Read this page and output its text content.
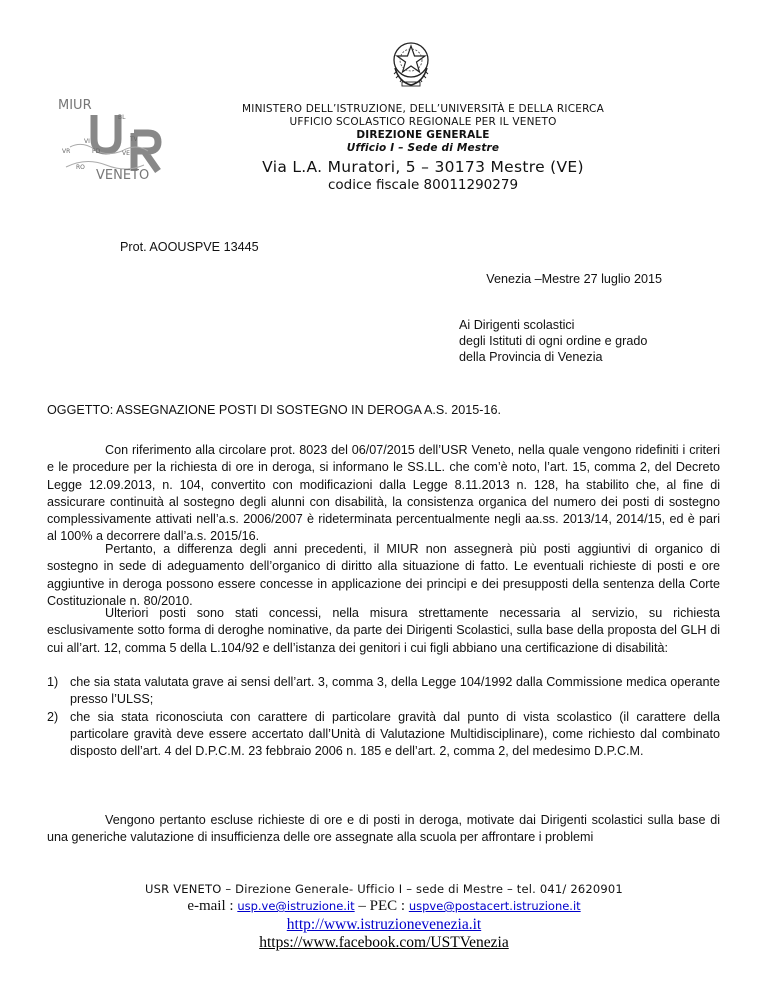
MIUR
BL
TV
VI
VR	PD	VE
RO
VENETO
MINISTERO DELL’ISTRUZIONE, DELL’UNIVERSITÀ E DELLA RICERCA
UFFICIO SCOLASTICO REGIONALE PER IL VENETO
DIREZIONE GENERALE
Ufficio I – Sede di Mestre
Via L.A. Muratori, 5 – 30173 Mestre (VE)
codice fiscale 80011290279
Prot. AOOUSPVE 13445
Venezia –Mestre 27 luglio 2015
Ai Dirigenti scolastici
degli Istituti di ogni ordine e grado
della Provincia di Venezia
OGGETTO: ASSEGNAZIONE POSTI DI SOSTEGNO IN DEROGA A.S. 2015-16.

Con riferimento alla circolare prot. 8023 del 06/07/2015 dell’USR Veneto, nella quale vengono ridefiniti i criteri e le procedure per la richiesta di ore in deroga, si informano le SS.LL. che com’è noto, l’art. 15, comma 2, del Decreto Legge 12.09.2013, n. 104, convertito con modificazioni dalla Legge 8.11.2013 n. 128, ha stabilito che, al fine di assicurare continuità al sostegno degli alunni con disabilità, la consistenza organica del numero dei posti di sostegno complessivamente attivati nell’a.s. 2006/2007 è rideterminata percentualmente negli aa.ss. 2013/14, 2014/15, ed è pari al 100% a decorrere dall’a.s. 2015/16.

Pertanto, a differenza degli anni precedenti, il MIUR non assegnerà più posti aggiuntivi di organico di sostegno in sede di adeguamento dell’organico di diritto alla situazione di fatto. Le eventuali richieste di posti e ore aggiuntive in deroga possono essere concesse in applicazione dei principi e dei presupposti della sentenza della Corte Costituzionale n. 80/2010.

Ulteriori posti sono stati concessi, nella misura strettamente necessaria al servizio, su richiesta esclusivamente sotto forma di deroghe nominative, da parte dei Dirigenti Scolastici, sulla base della proposta del GLH di cui all’art. 12, comma 5 della L.104/92 e dell’istanza dei genitori i cui figli abbiano una certificazione di disabilità:

1) che sia stata valutata grave ai sensi dell’art. 3, comma 3, della Legge 104/1992 dalla Commissione medica operante presso l’ULSS;
2) che sia stata riconosciuta con carattere di particolare gravità dal punto di vista scolastico (il carattere della particolare gravità deve essere accertato dall’Unità di Valutazione Multidisciplinare), come richiesto dal combinato disposto dell’art. 4 del D.P.C.M. 23 febbraio 2006 n. 185 e dell’art. 2, comma 2, del medesimo D.P.C.M.

Vengono pertanto escluse richieste di ore e di posti in deroga, motivate dai Dirigenti scolastici sulla base di una generiche valutazione di insufficienza delle ore assegnate alla scuola per affrontare i problemi

USR VENETO – Direzione Generale- Ufficio I – sede di Mestre – tel. 041/ 2620901
e-mail : usp.ve@istruzione.it – PEC : uspve@postacert.istruzione.it
http://www.istruzionevenezia.it
https://www.facebook.com/USTVenezia
